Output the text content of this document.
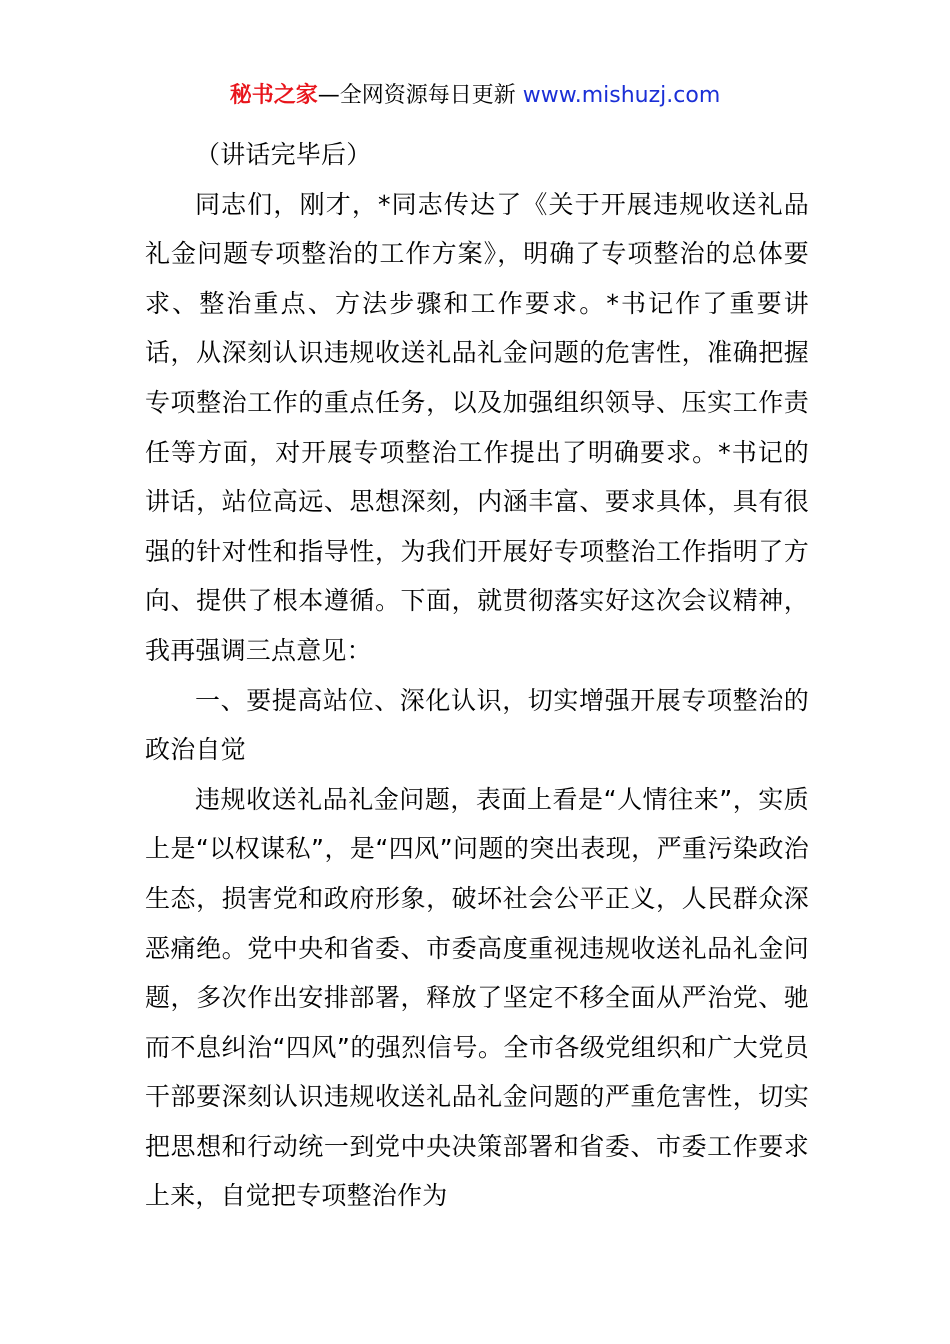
秘书之家—全网资源每日更新 www.mishuzj.com

（讲话完毕后）

同志们，刚才，*同志传达了《关于开展违规收送礼品礼金问题专项整治的工作方案》，明确了专项整治的总体要求、整治重点、方法步骤和工作要求。*书记作了重要讲话，从深刻认识违规收送礼品礼金问题的危害性，准确把握专项整治工作的重点任务，以及加强组织领导、压实工作责任等方面，对开展专项整治工作提出了明确要求。*书记的讲话，站位高远、思想深刻，内涵丰富、要求具体，具有很强的针对性和指导性，为我们开展好专项整治工作指明了方向、提供了根本遵循。下面，就贯彻落实好这次会议精神，我再强调三点意见：

一、要提高站位、深化认识，切实增强开展专项整治的政治自觉

违规收送礼品礼金问题，表面上看是“人情往来”，实质上是“以权谋私”，是“四风”问题的突出表现，严重污染政治生态，损害党和政府形象，破坏社会公平正义，人民群众深恶痛绝。党中央和省委、市委高度重视违规收送礼品礼金问题，多次作出安排部署，释放了坚定不移全面从严治党、驰而不息纠治“四风”的强烈信号。全市各级党组织和广大党员干部要深刻认识违规收送礼品礼金问题的严重危害性，切实把思想和行动统一到党中央决策部署和省委、市委工作要求上来，自觉把专项整治作为
